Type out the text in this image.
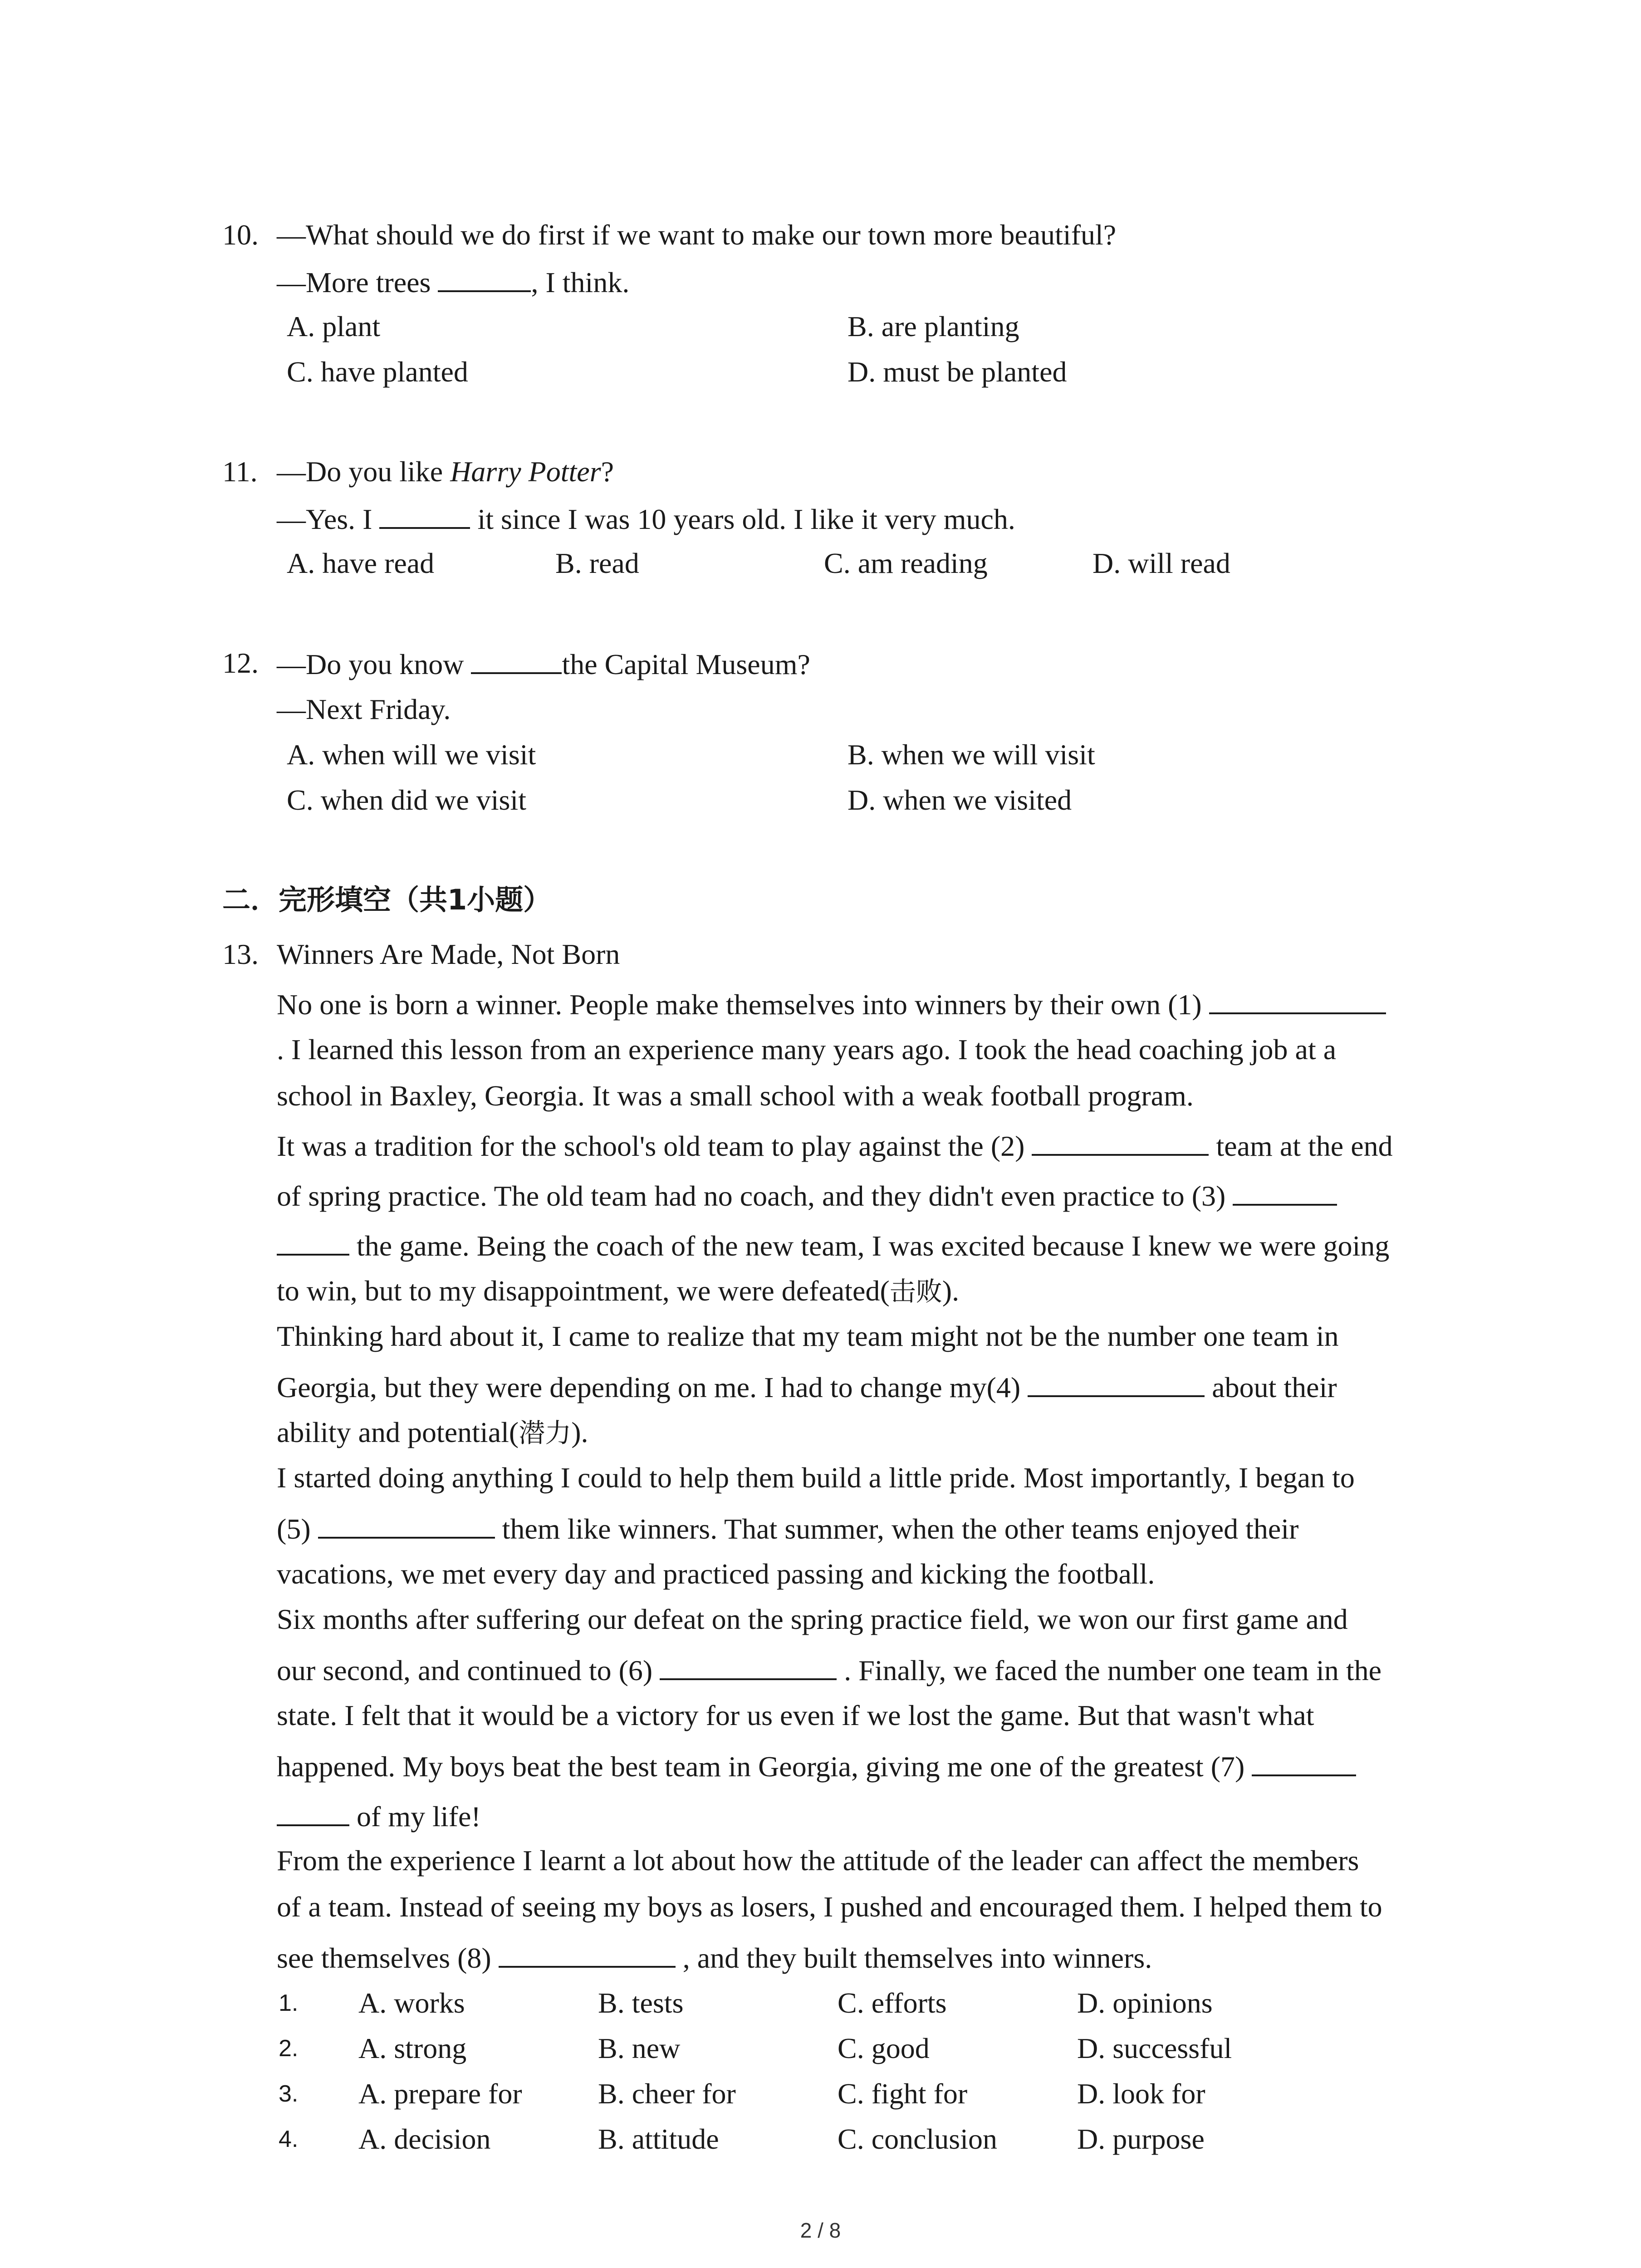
10. —What should we do first if we want to make our town more beautiful?
—More trees	, I think.
A. plant	B. are planting
C. have planted	D. must be planted
11. —Do you like Harry Potter?
—Yes. I	it since I was 10 years old. I like it very much.
A. have read	B. read	C. am reading	D. will read
12. —Do you know	the Capital Museum?
—Next Friday.
A. when will we visit	B. when we will visit
C. when did we visit	D. when we visited
二．完形填空（共1小题）
13. Winners Are Made, Not Born
No one is born a winner. People make themselves into winners by their own (1)
. I learned this lesson from an experience many years ago. I took the head coaching job at a
school in Baxley, Georgia. It was a small school with a weak football program.
It was a tradition for the school's old team to play against the (2)	team at the end
of spring practice. The old team had no coach, and they didn't even practice to (3)
the game. Being the coach of the new team, I was excited because I knew we were going
to win, but to my disappointment, we were defeated(击败).
Thinking hard about it, I came to realize that my team might not be the number one team in
Georgia, but they were depending on me. I had to change my(4)	about their
ability and potential(潜力).
I started doing anything I could to help them build a little pride. Most importantly, I began to
(5)	them like winners. That summer, when the other teams enjoyed their
vacations, we met every day and practiced passing and kicking the football.
Six months after suffering our defeat on the spring practice field, we won our first game and
our second, and continued to (6)	. Finally, we faced the number one team in the
state. I felt that it would be a victory for us even if we lost the game. But that wasn't what
happened. My boys beat the best team in Georgia, giving me one of the greatest (7)
of my life!
From the experience I learnt a lot about how the attitude of the leader can affect the members
of a team. Instead of seeing my boys as losers, I pushed and encouraged them. I helped them to
see themselves (8)	, and they built themselves into winners.
1. A. works	B. tests	C. efforts	D. opinions
2. A. strong	B. new	C. good	D. successful
3. A. prepare for	B. cheer for	C. fight for	D. look for
4. A. decision	B. attitude	C. conclusion	D. purpose
2 / 8
